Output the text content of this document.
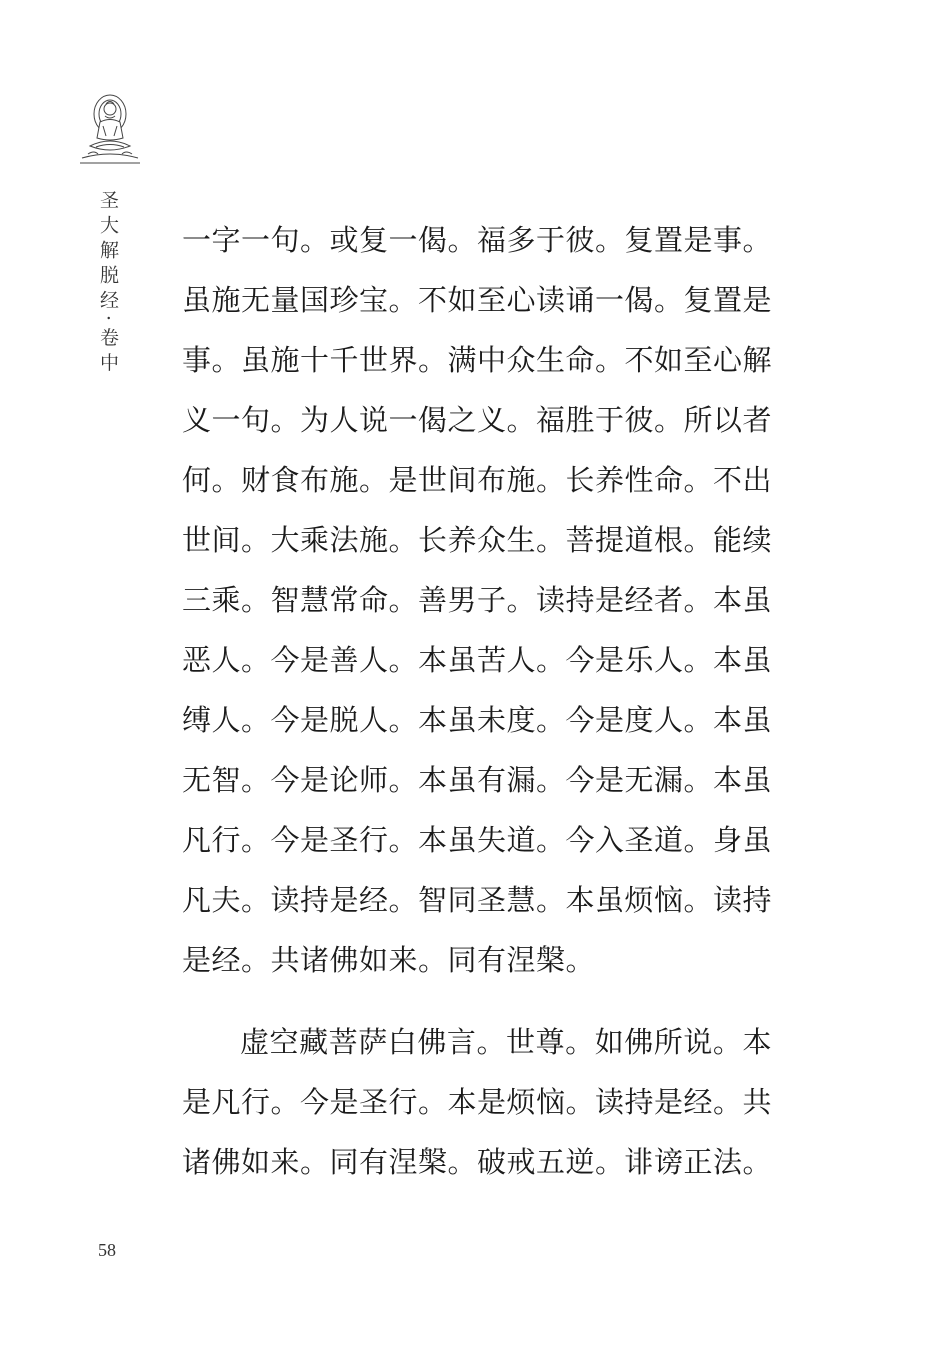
圣大解脱经·卷中 一字一句。或复一偈。福多于彼。复置是事。虽施无量国珍宝。不如至心读诵一偈。复置是事。虽施十千世界。满中众生命。不如至心解义一句。为人说一偈之义。福胜于彼。所以者何。财食布施。是世间布施。长养性命。不出世间。大乘法施。长养众生。菩提道根。能续三乘。智慧常命。善男子。读持是经者。本虽恶人。今是善人。本虽苦人。今是乐人。本虽缚人。今是脱人。本虽未度。今是度人。本虽无智。今是论师。本虽有漏。今是无漏。本虽凡行。今是圣行。本虽失道。今入圣道。身虽凡夫。读持是经。智同圣慧。本虽烦恼。读持是经。共诸佛如来。同有涅槃。

虚空藏菩萨白佛言。世尊。如佛所说。本是凡行。今是圣行。本是烦恼。读持是经。共诸佛如来。同有涅槃。破戒五逆。诽谤正法。

58
